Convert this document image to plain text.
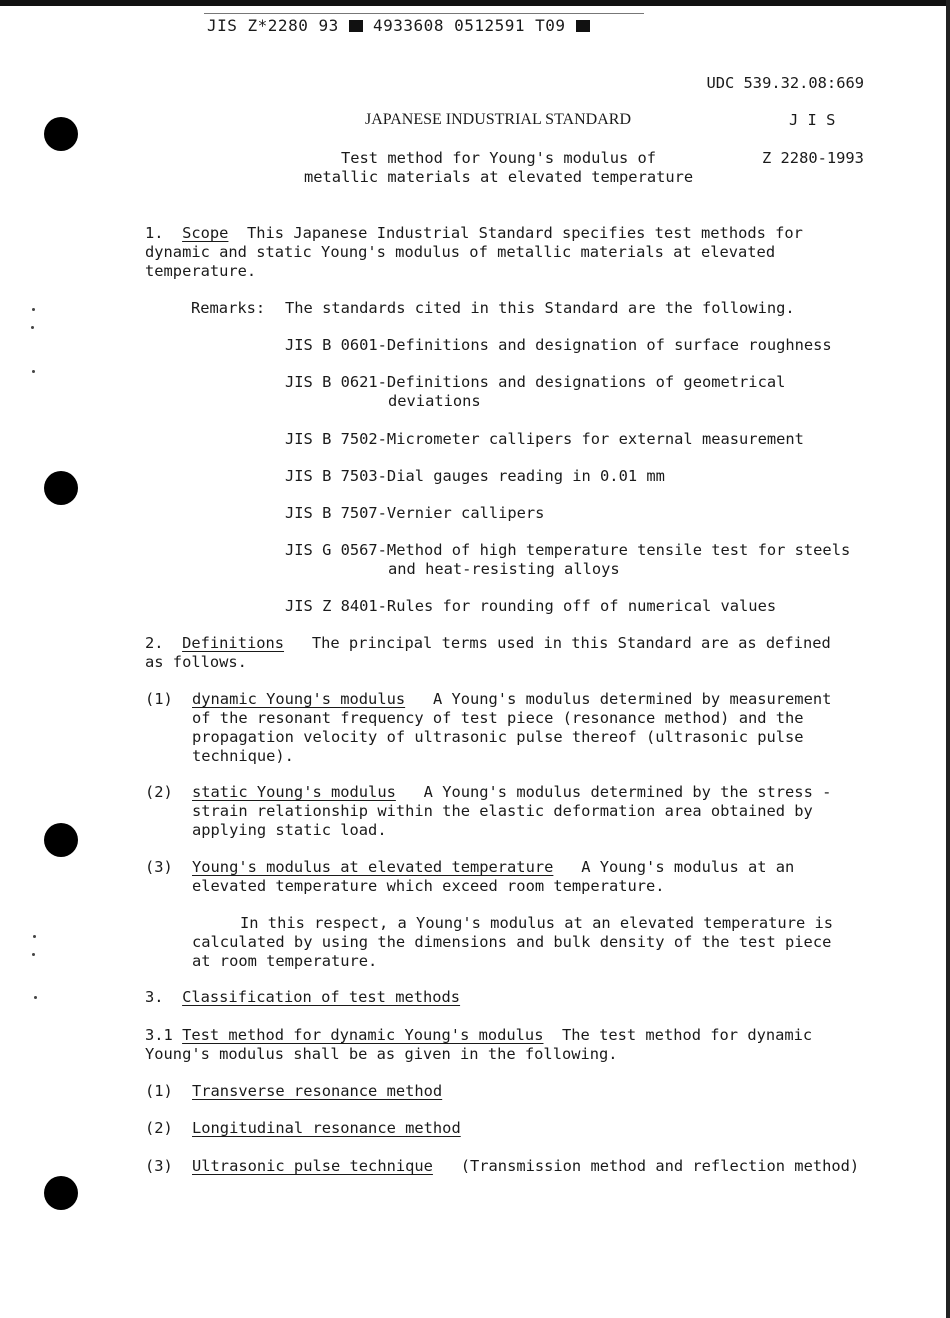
JIS Z*2280 93 4933608 0512591 T09
UDC 539.32.08:669
JAPANESE INDUSTRIAL STANDARD	J I S
Test method for Young's modulus of
metallic materials at elevated temperature
Z 2280-1993
1. Scope This Japanese Industrial Standard specifies test methods for
dynamic and static Young's modulus of metallic materials at elevated
temperature.
Remarks: The standards cited in this Standard are the following.
JIS B 0601-Definitions and designation of surface roughness
JIS B 0621-Definitions and designations of geometrical
deviations
JIS B 7502-Micrometer callipers for external measurement
JIS B 7503-Dial gauges reading in 0.01 mm
JIS B 7507-Vernier callipers
JIS G 0567-Method of high temperature tensile test for steels
and heat-resisting alloys
JIS Z 8401-Rules for rounding off of numerical values
2. Definitions The principal terms used in this Standard are as defined
as follows.
(1) dynamic Young's modulus A Young's modulus determined by measurement
of the resonant frequency of test piece (resonance method) and the
propagation velocity of ultrasonic pulse thereof (ultrasonic pulse
technique).
(2) static Young's modulus A Young's modulus determined by the stress -
strain relationship within the elastic deformation area obtained by
applying static load.
(3) Young's modulus at elevated temperature A Young's modulus at an
elevated temperature which exceed room temperature.
In this respect, a Young's modulus at an elevated temperature is
calculated by using the dimensions and bulk density of the test piece
at room temperature.
3. Classification of test methods
3.1 Test method for dynamic Young's modulus The test method for dynamic
Young's modulus shall be as given in the following.
(1) Transverse resonance method
(2) Longitudinal resonance method
(3) Ultrasonic pulse technique (Transmission method and reflection method)
